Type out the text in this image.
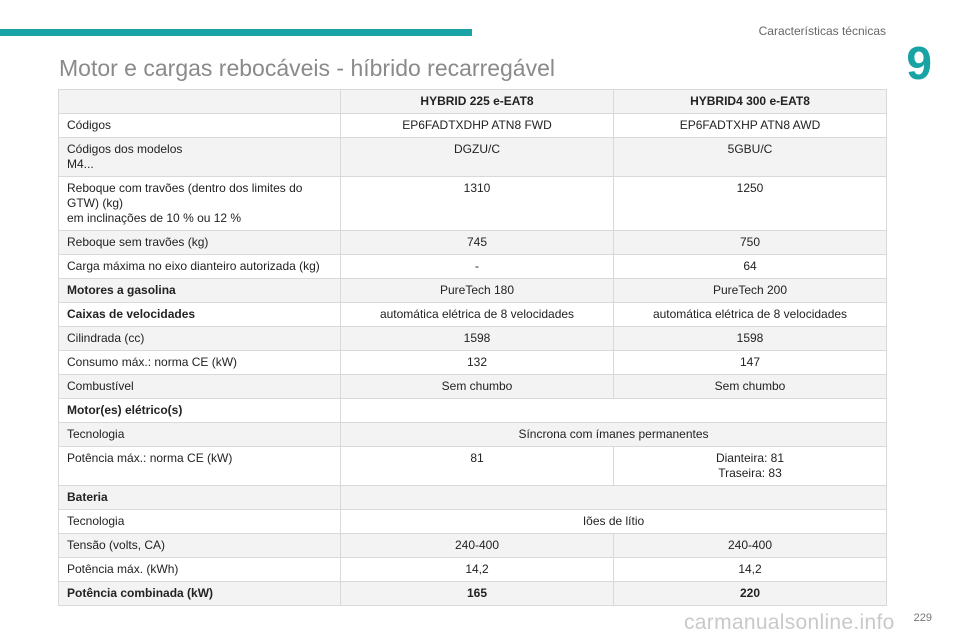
Características técnicas
9
Motor e cargas rebocáveis - híbrido recarregável
	HYBRID 225 e-EAT8	HYBRID4 300 e-EAT8
Códigos	EP6FADTXDHP ATN8 FWD	EP6FADTXHP ATN8 AWD
Códigos dos modelos
M4...	DGZU/C	5GBU/C
Reboque com travões (dentro dos limites do GTW) (kg)
em inclinações de 10 % ou 12 %	1310	1250
Reboque sem travões (kg)	745	750
Carga máxima no eixo dianteiro autorizada (kg)	-	64
Motores a gasolina	PureTech 180	PureTech 200
Caixas de velocidades	automática elétrica de 8 velocidades	automática elétrica de 8 velocidades
Cilindrada (cc)	1598	1598
Consumo máx.: norma CE (kW)	132	147
Combustível	Sem chumbo	Sem chumbo
Motor(es) elétrico(s)		
Tecnologia	Síncrona com ímanes permanentes	
Potência máx.: norma CE (kW)	81	Dianteira: 81
Traseira: 83
Bateria		
Tecnologia	Iões de lítio	
Tensão (volts, CA)	240-400	240-400
Potência máx. (kWh)	14,2	14,2
Potência combinada (kW)	165	220
229
carmanualsonline.info
